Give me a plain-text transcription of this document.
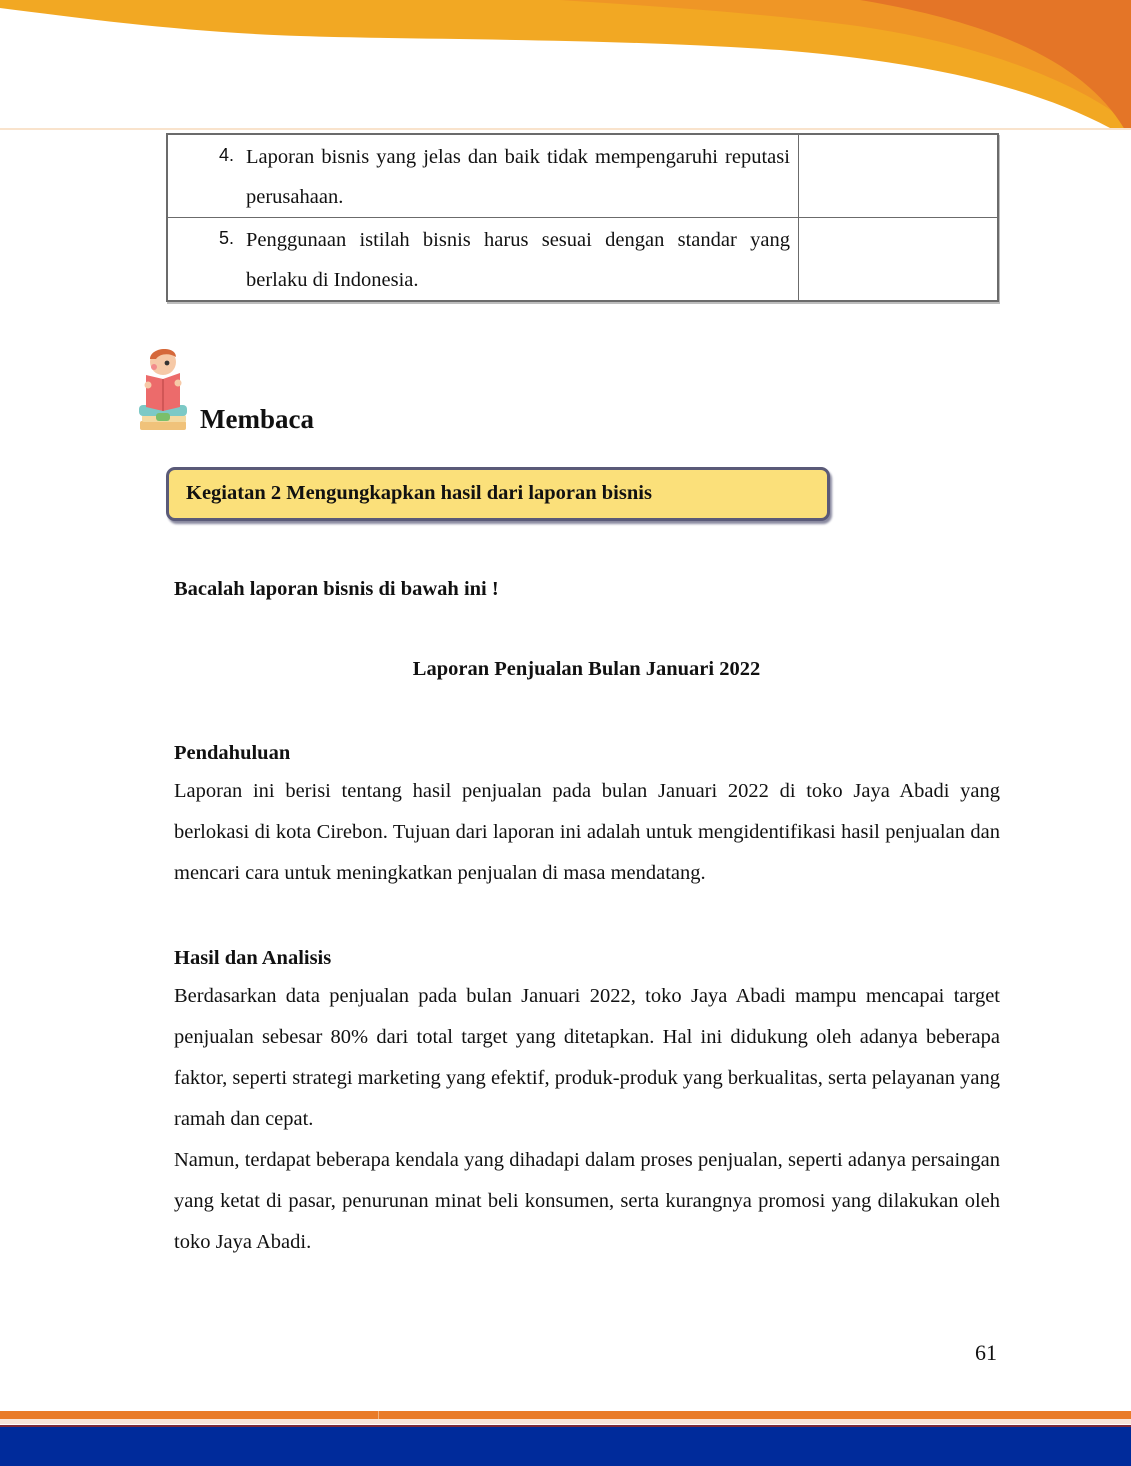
4. Laporan bisnis yang jelas dan baik tidak mempengaruhi reputasi perusahaan.	

5. Penggunaan istilah bisnis harus sesuai dengan standar yang berlaku di Indonesia.	

Membaca
Kegiatan 2 Mengungkapkan hasil dari laporan bisnis
Bacalah laporan bisnis di bawah ini !
Laporan Penjualan Bulan Januari 2022
Pendahuluan

Laporan ini berisi tentang hasil penjualan pada bulan Januari 2022 di toko Jaya Abadi yang berlokasi di kota Cirebon. Tujuan dari laporan ini adalah untuk mengidentifikasi hasil penjualan dan mencari cara untuk meningkatkan penjualan di masa mendatang.

Hasil dan Analisis

Berdasarkan data penjualan pada bulan Januari 2022, toko Jaya Abadi mampu mencapai target penjualan sebesar 80% dari total target yang ditetapkan. Hal ini didukung oleh adanya beberapa faktor, seperti strategi marketing yang efektif, produk-produk yang berkualitas, serta pelayanan yang ramah dan cepat.

Namun, terdapat beberapa kendala yang dihadapi dalam proses penjualan, seperti adanya persaingan yang ketat di pasar, penurunan minat beli konsumen, serta kurangnya promosi yang dilakukan oleh toko Jaya Abadi.

61
